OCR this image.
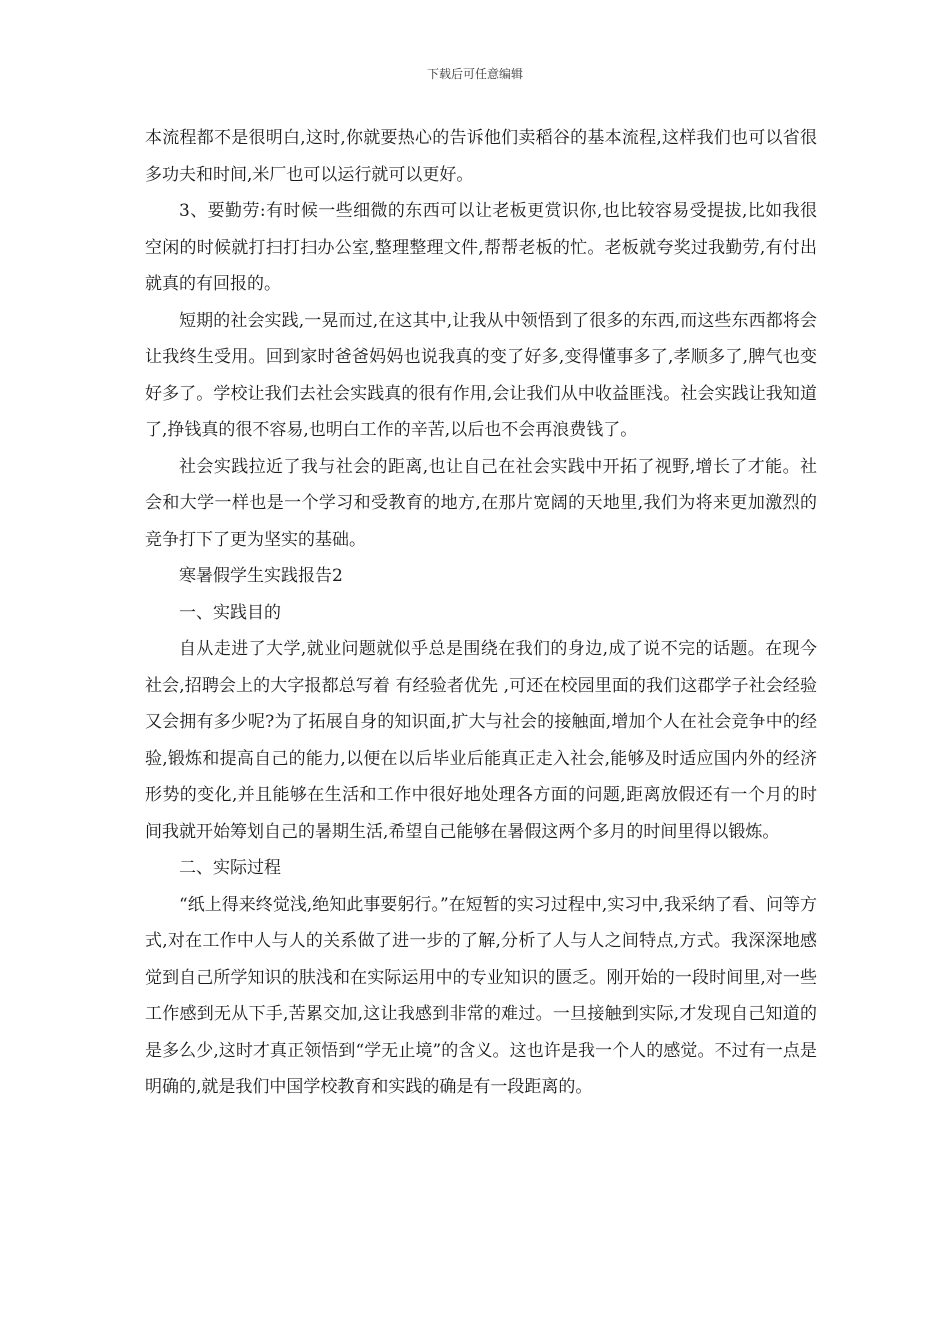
下载后可任意编辑

本流程都不是很明白,这时,你就要热心的告诉他们卖稻谷的基本流程,这样我们也可以省很多功夫和时间,米厂也可以运行就可以更好。

3、要勤劳:有时候一些细微的东西可以让老板更赏识你,也比较容易受提拔,比如我很空闲的时候就打扫打扫办公室,整理整理文件,帮帮老板的忙。老板就夸奖过我勤劳,有付出就真的有回报的。

短期的社会实践,一晃而过,在这其中,让我从中领悟到了很多的东西,而这些东西都将会让我终生受用。回到家时爸爸妈妈也说我真的变了好多,变得懂事多了,孝顺多了,脾气也变好多了。学校让我们去社会实践真的很有作用,会让我们从中收益匪浅。社会实践让我知道了,挣钱真的很不容易,也明白工作的辛苦,以后也不会再浪费钱了。

社会实践拉近了我与社会的距离,也让自己在社会实践中开拓了视野,增长了才能。社会和大学一样也是一个学习和受教育的地方,在那片宽阔的天地里,我们为将来更加激烈的竞争打下了更为坚实的基础。

寒暑假学生实践报告2

一、实践目的

自从走进了大学,就业问题就似乎总是围绕在我们的身边,成了说不完的话题。在现今社会,招聘会上的大字报都总写着 有经验者优先 ,可还在校园里面的我们这郡学子社会经验又会拥有多少呢?为了拓展自身的知识面,扩大与社会的接触面,增加个人在社会竞争中的经验,锻炼和提高自己的能力,以便在以后毕业后能真正走入社会,能够及时适应国内外的经济形势的变化,并且能够在生活和工作中很好地处理各方面的问题,距离放假还有一个月的时间我就开始筹划自己的暑期生活,希望自己能够在暑假这两个多月的时间里得以锻炼。

二、实际过程

“纸上得来终觉浅,绝知此事要躬行。”在短暂的实习过程中,实习中,我采纳了看、问等方式,对在工作中人与人的关系做了进一步的了解,分析了人与人之间特点,方式。我深深地感觉到自己所学知识的肤浅和在实际运用中的专业知识的匮乏。刚开始的一段时间里,对一些工作感到无从下手,苦累交加,这让我感到非常的难过。一旦接触到实际,才发现自己知道的是多么少,这时才真正领悟到“学无止境”的含义。这也许是我一个人的感觉。不过有一点是明确的,就是我们中国学校教育和实践的确是有一段距离的。
